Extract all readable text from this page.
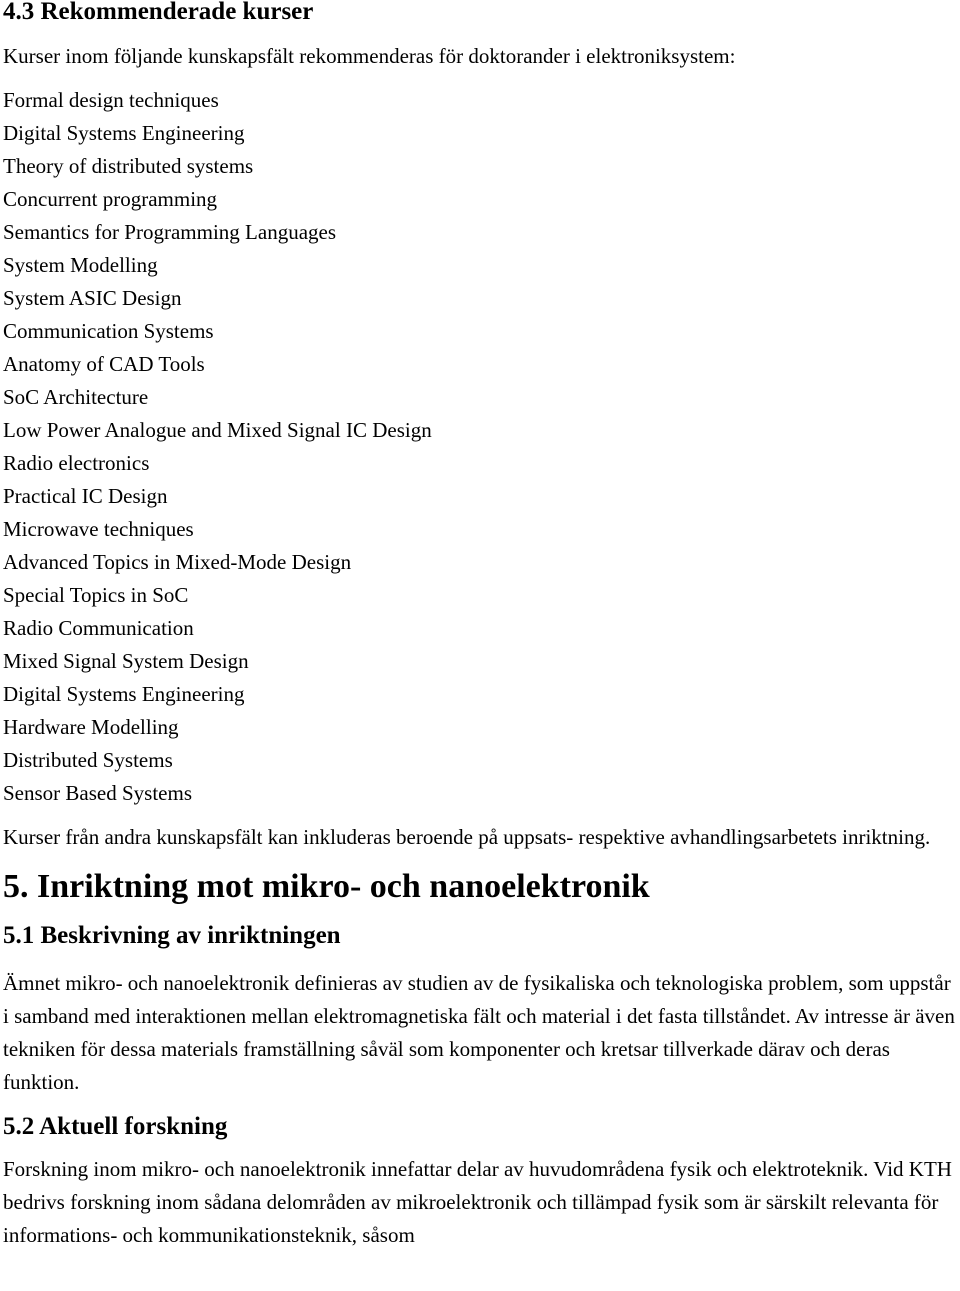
4.3 Rekommenderade kurser

Kurser inom följande kunskapsfält rekommenderas för doktorander i elektroniksystem:

Formal design techniques
Digital Systems Engineering
Theory of distributed systems
Concurrent programming
Semantics for Programming Languages
System Modelling
System ASIC Design
Communication Systems
Anatomy of CAD Tools
SoC Architecture
Low Power Analogue and Mixed Signal IC Design
Radio electronics
Practical IC Design
Microwave techniques
Advanced Topics in Mixed-Mode Design
Special Topics in SoC
Radio Communication
Mixed Signal System Design
Digital Systems Engineering
Hardware Modelling
Distributed Systems
Sensor Based Systems

Kurser från andra kunskapsfält kan inkluderas beroende på uppsats- respektive avhandlingsarbetets inriktning.

5. Inriktning mot mikro- och nanoelektronik
5.1 Beskrivning av inriktningen

Ämnet mikro- och nanoelektronik definieras av studien av de fysikaliska och teknologiska problem, som uppstår i samband med interaktionen mellan elektromagnetiska fält och material i det fasta tillståndet. Av intresse är även tekniken för dessa materials framställning såväl som komponenter och kretsar tillverkade därav och deras funktion.

5.2 Aktuell forskning

Forskning inom mikro- och nanoelektronik innefattar delar av huvudområdena fysik och elektroteknik. Vid KTH bedrivs forskning inom sådana delområden av mikroelektronik och tillämpad fysik som är särskilt relevanta för informations- och kommunikationsteknik, såsom
